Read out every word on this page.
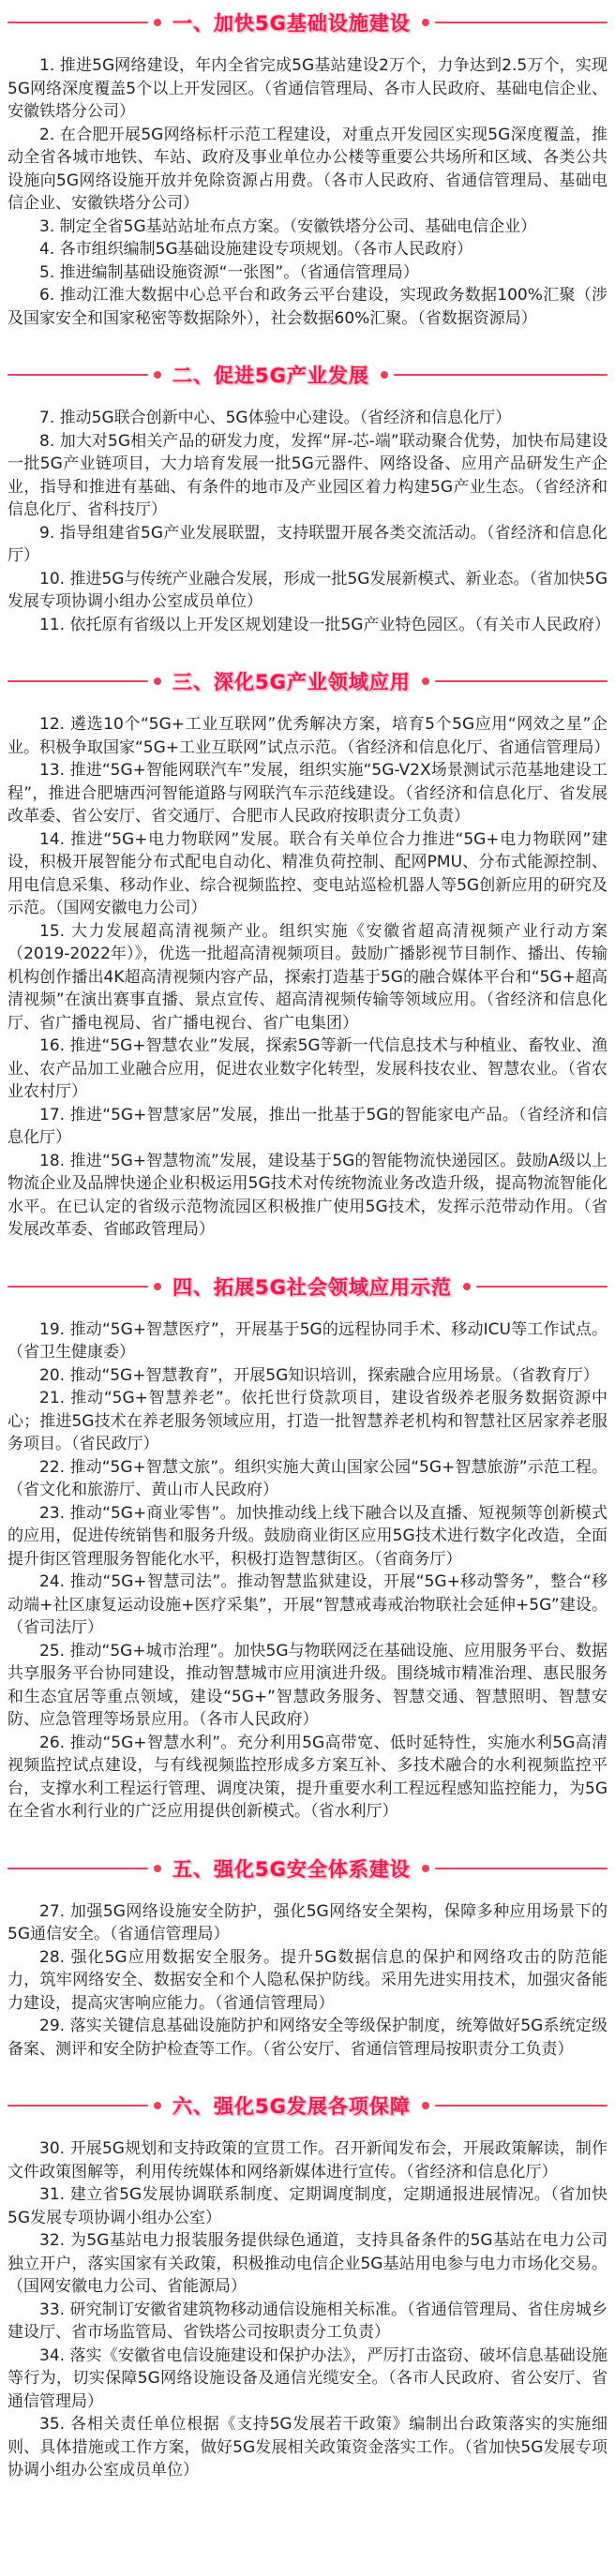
一、加快5G基础设施建设

1. 推进5G网络建设，年内全省完成5G基站建设2万个，力争达到2.5万个，实现5G网络深度覆盖5个以上开发园区。（省通信管理局、各市人民政府、基础电信企业、安徽铁塔分公司）

2. 在合肥开展5G网络标杆示范工程建设，对重点开发园区实现5G深度覆盖，推动全省各城市地铁、车站、政府及事业单位办公楼等重要公共场所和区域、各类公共设施向5G网络设施开放并免除资源占用费。（各市人民政府、省通信管理局、基础电信企业、安徽铁塔分公司）

3. 制定全省5G基站站址布点方案。（安徽铁塔分公司、基础电信企业）

4. 各市组织编制5G基础设施建设专项规划。（各市人民政府）

5. 推进编制基础设施资源“一张图”。（省通信管理局）

6. 推动江淮大数据中心总平台和政务云平台建设，实现政务数据100%汇聚（涉及国家安全和国家秘密等数据除外），社会数据60%汇聚。（省数据资源局）

二、促进5G产业发展

7. 推动5G联合创新中心、5G体验中心建设。（省经济和信息化厅）

8. 加大对5G相关产品的研发力度，发挥“屏-芯-端”联动聚合优势，加快布局建设一批5G产业链项目，大力培育发展一批5G元器件、网络设备、应用产品研发生产企业，指导和推进有基础、有条件的地市及产业园区着力构建5G产业生态。（省经济和信息化厅、省科技厅）

9. 指导组建省5G产业发展联盟，支持联盟开展各类交流活动。（省经济和信息化厅）

10. 推进5G与传统产业融合发展，形成一批5G发展新模式、新业态。（省加快5G发展专项协调小组办公室成员单位）

11. 依托原有省级以上开发区规划建设一批5G产业特色园区。（有关市人民政府）

三、深化5G产业领域应用

12. 遴选10个“5G+工业互联网”优秀解决方案，培育5个5G应用“网效之星”企业。积极争取国家“5G+工业互联网”试点示范。（省经济和信息化厅、省通信管理局）

13. 推进“5G+智能网联汽车”发展，组织实施“5G-V2X场景测试示范基地建设工程”，推进合肥塘西河智能道路与网联汽车示范线建设。（省经济和信息化厅、省发展改革委、省公安厅、省交通厅、合肥市人民政府按职责分工负责）

14. 推进“5G+电力物联网”发展。联合有关单位合力推进“5G+电力物联网”建设，积极开展智能分布式配电自动化、精准负荷控制、配网PMU、分布式能源控制、用电信息采集、移动作业、综合视频监控、变电站巡检机器人等5G创新应用的研究及示范。（国网安徽电力公司）

15. 大力发展超高清视频产业。组织实施《安徽省超高清视频产业行动方案（2019-2022年）》，优选一批超高清视频项目。鼓励广播影视节目制作、播出、传输机构创作播出4K超高清视频内容产品，探索打造基于5G的融合媒体平台和“5G+超高清视频”在演出赛事直播、景点宣传、超高清视频传输等领域应用。（省经济和信息化厅、省广播电视局、省广播电视台、省广电集团）

16. 推进“5G+智慧农业”发展，探索5G等新一代信息技术与种植业、畜牧业、渔业、农产品加工业融合应用，促进农业数字化转型，发展科技农业、智慧农业。（省农业农村厅）

17. 推进“5G+智慧家居”发展，推出一批基于5G的智能家电产品。（省经济和信息化厅）

18. 推进“5G+智慧物流”发展，建设基于5G的智能物流快递园区。鼓励A级以上物流企业及品牌快递企业积极运用5G技术对传统物流业务改造升级，提高物流智能化水平。在已认定的省级示范物流园区积极推广使用5G技术，发挥示范带动作用。（省发展改革委、省邮政管理局）

四、拓展5G社会领域应用示范

19. 推动“5G+智慧医疗”，开展基于5G的远程协同手术、移动ICU等工作试点。（省卫生健康委）

20. 推动“5G+智慧教育”，开展5G知识培训，探索融合应用场景。（省教育厅）

21. 推动“5G+智慧养老”。依托世行贷款项目，建设省级养老服务数据资源中心；推进5G技术在养老服务领域应用，打造一批智慧养老机构和智慧社区居家养老服务项目。（省民政厅）

22. 推动“5G+智慧文旅”。组织实施大黄山国家公园“5G+智慧旅游”示范工程。（省文化和旅游厅、黄山市人民政府）

23. 推动“5G+商业零售”。加快推动线上线下融合以及直播、短视频等创新模式的应用，促进传统销售和服务升级。鼓励商业街区应用5G技术进行数字化改造，全面提升街区管理服务智能化水平，积极打造智慧街区。（省商务厅）

24. 推动“5G+智慧司法”。推动智慧监狱建设，开展“5G+移动警务”，整合“移动端+社区康复运动设施+医疗采集”，开展“智慧戒毒戒治物联社会延伸+5G”建设。（省司法厅）

25. 推动“5G+城市治理”。加快5G与物联网泛在基础设施、应用服务平台、数据共享服务平台协同建设，推动智慧城市应用演进升级。围绕城市精准治理、惠民服务和生态宜居等重点领域，建设“5G+”智慧政务服务、智慧交通、智慧照明、智慧安防、应急管理等场景应用。（各市人民政府）

26. 推动“5G+智慧水利”。充分利用5G高带宽、低时延特性，实施水利5G高清视频监控试点建设，与有线视频监控形成多方案互补、多技术融合的水利视频监控平台，支撑水利工程运行管理、调度决策，提升重要水利工程远程感知监控能力，为5G在全省水利行业的广泛应用提供创新模式。（省水利厅）

五、强化5G安全体系建设

27. 加强5G网络设施安全防护，强化5G网络安全架构，保障多种应用场景下的5G通信安全。（省通信管理局）

28. 强化5G应用数据安全服务。提升5G数据信息的保护和网络攻击的防范能力，筑牢网络安全、数据安全和个人隐私保护防线。采用先进实用技术，加强灾备能力建设，提高灾害响应能力。（省通信管理局）

29. 落实关键信息基础设施防护和网络安全等级保护制度，统筹做好5G系统定级备案、测评和安全防护检查等工作。（省公安厅、省通信管理局按职责分工负责）

六、强化5G发展各项保障

30. 开展5G规划和支持政策的宣贯工作。召开新闻发布会，开展政策解读，制作文件政策图解等，利用传统媒体和网络新媒体进行宣传。（省经济和信息化厅）

31. 建立省5G发展协调联系制度、定期调度制度，定期通报进展情况。（省加快5G发展专项协调小组办公室）

32. 为5G基站电力报装服务提供绿色通道，支持具备条件的5G基站在电力公司独立开户，落实国家有关政策，积极推动电信企业5G基站用电参与电力市场化交易。（国网安徽电力公司、省能源局）

33. 研究制订安徽省建筑物移动通信设施相关标准。（省通信管理局、省住房城乡建设厅、省市场监管局、省铁塔公司按职责分工负责）

34. 落实《安徽省电信设施建设和保护办法》，严厉打击盗窃、破坏信息基础设施等行为，切实保障5G网络设施设备及通信光缆安全。（各市人民政府、省公安厅、省通信管理局）

35. 各相关责任单位根据《支持5G发展若干政策》编制出台政策落实的实施细则、具体措施或工作方案，做好5G发展相关政策资金落实工作。（省加快5G发展专项协调小组办公室成员单位）
